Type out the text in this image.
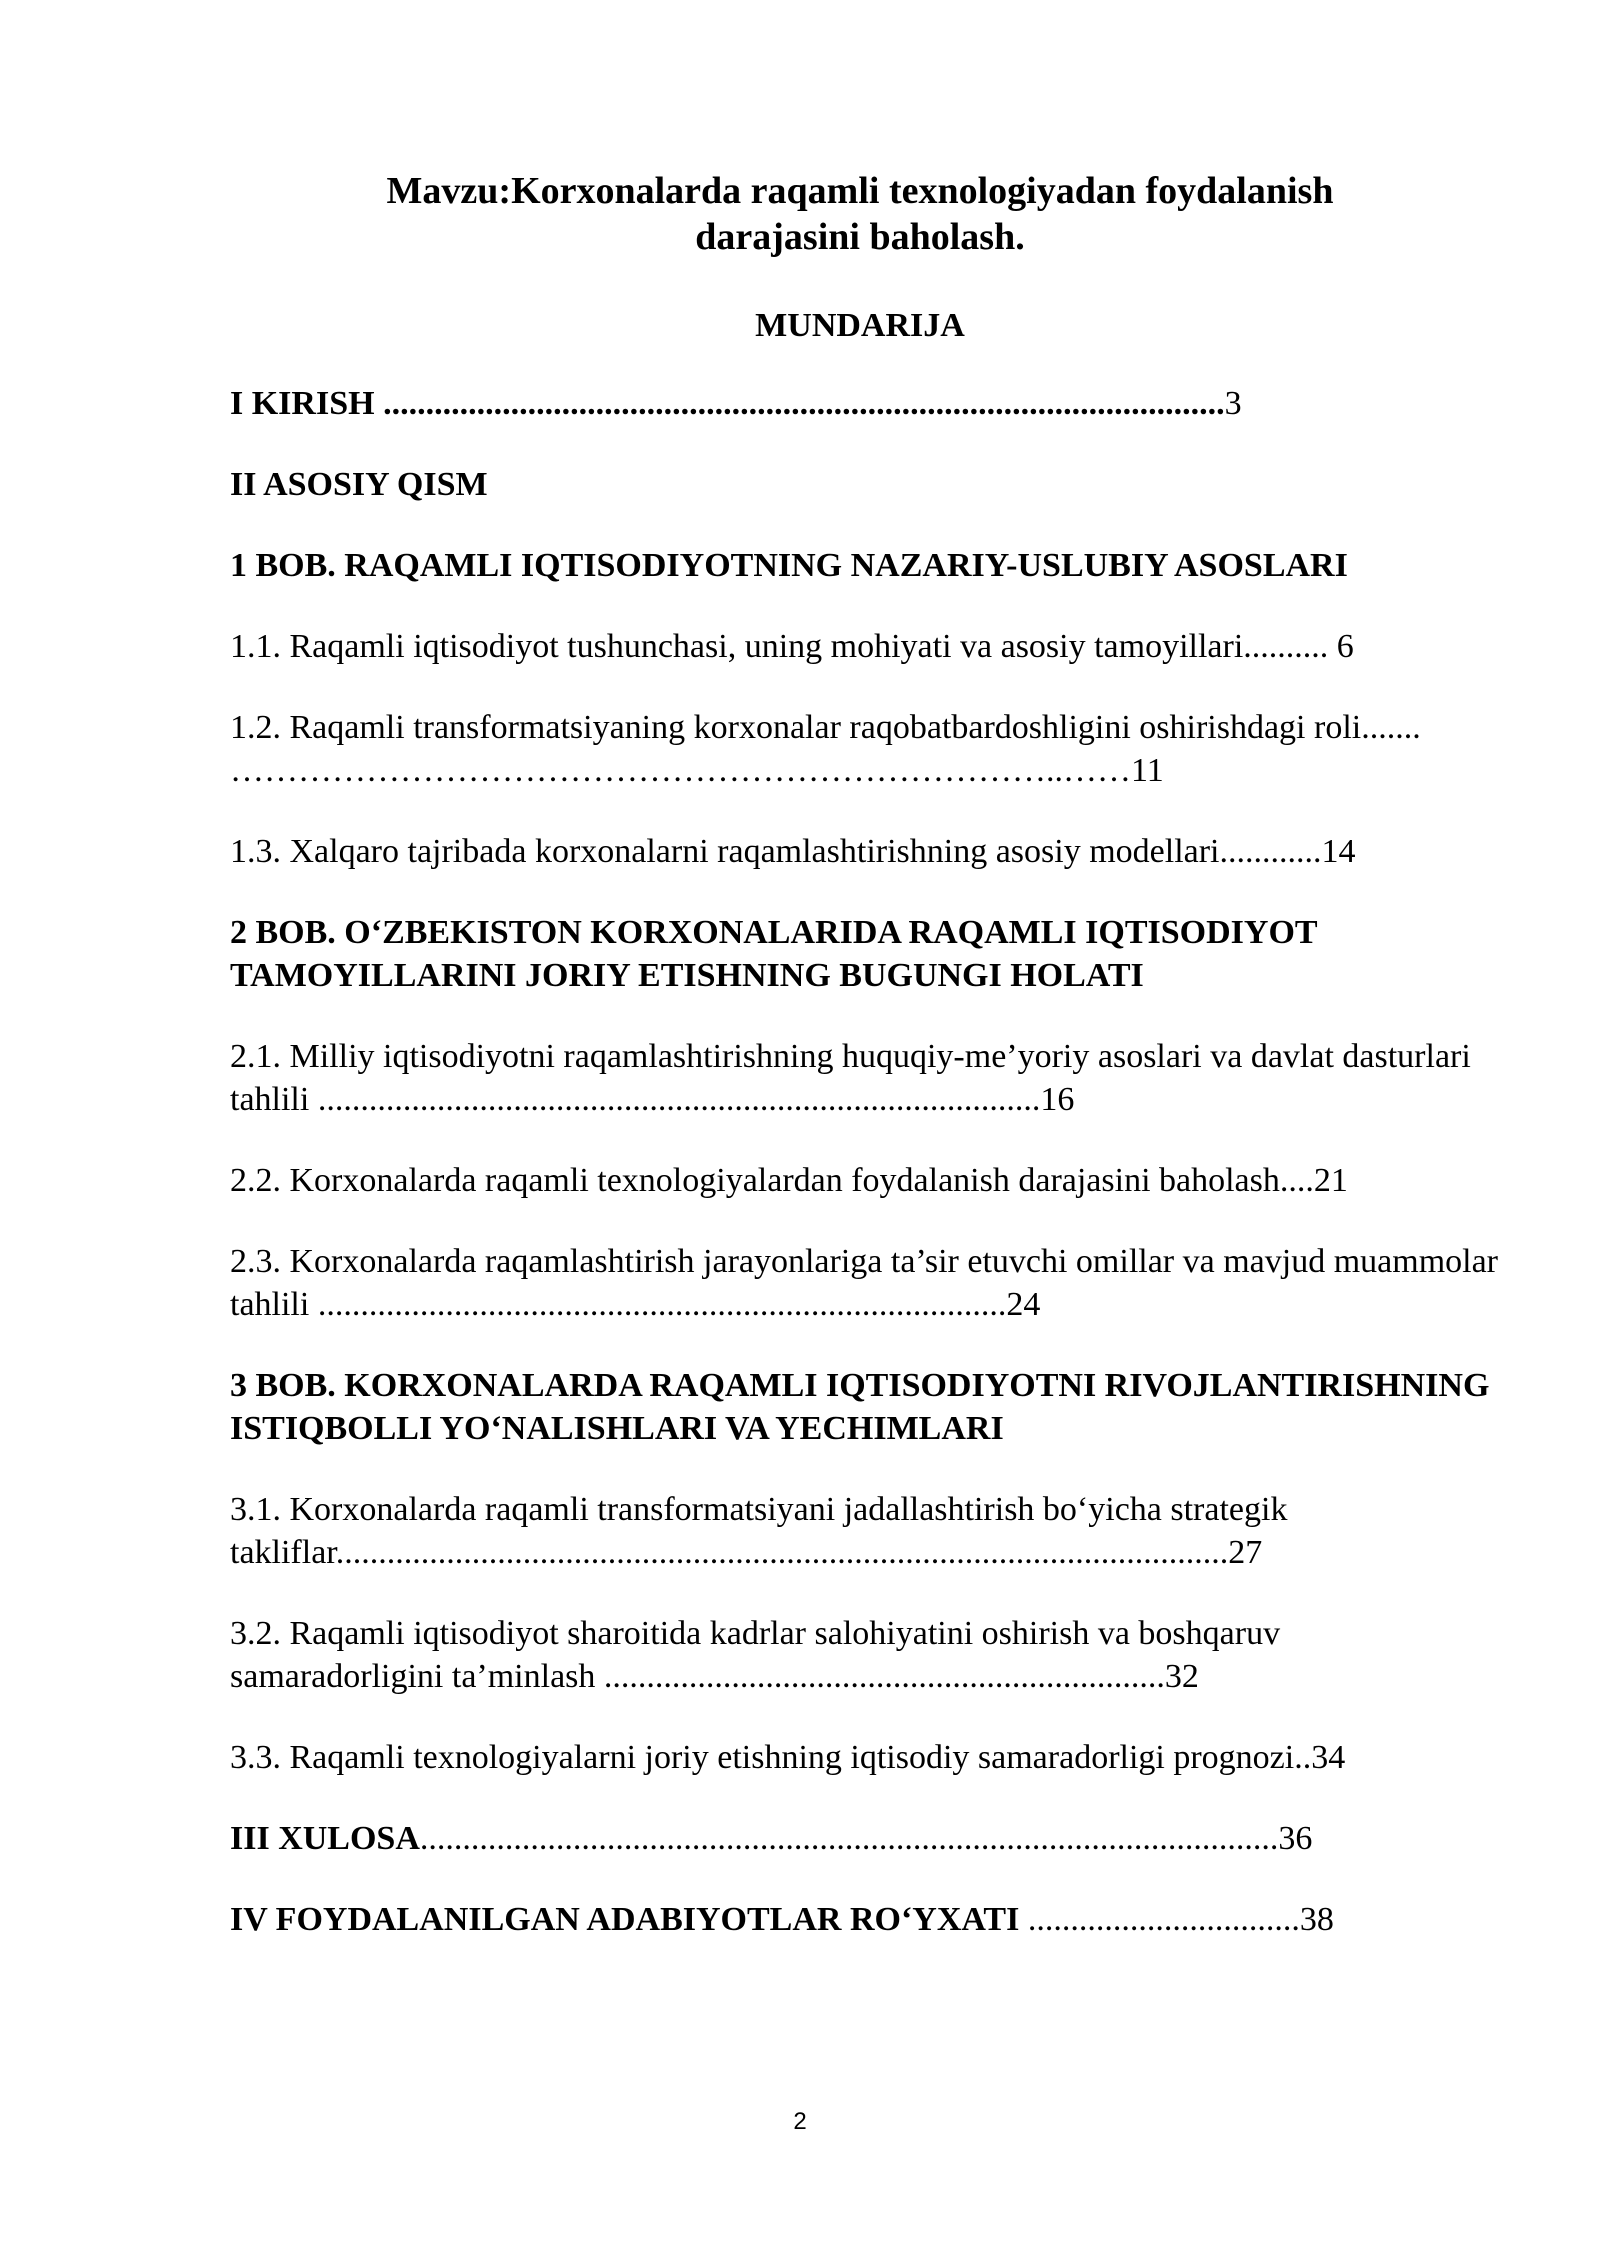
Mavzu:Korxonalarda raqamli texnologiyadan foydalanish
darajasini baholash.
MUNDARIJA
I KIRISH ...................................................................................................3
II ASOSIY QISM
1 BOB. RAQAMLI IQTISODIYOTNING NAZARIY-USLUBIY ASOSLARI
1.1. Raqamli iqtisodiyot tushunchasi, uning mohiyati va asosiy tamoyillari.......... 6
1.2. Raqamli transformatsiyaning korxonalar raqobatbardoshligini oshirishdagi roli....... ………………………………………………………………..……11
1.3. Xalqaro tajribada korxonalarni raqamlashtirishning asosiy modellari............14
2 BOB. O‘ZBEKISTON KORXONALARIDA RAQAMLI IQTISODIYOT TAMOYILLARINI JORIY ETISHNING BUGUNGI HOLATI
2.1. Milliy iqtisodiyotni raqamlashtirishning huquqiy-me’yoriy asoslari va davlat dasturlari tahlili .....................................................................................16
2.2. Korxonalarda raqamli texnologiyalardan foydalanish darajasini baholash....21
2.3. Korxonalarda raqamlashtirish jarayonlariga ta’sir etuvchi omillar va mavjud muammolar tahlili .................................................................................24
3 BOB. KORXONALARDA RAQAMLI IQTISODIYOTNI RIVOJLANTIRISHNING ISTIQBOLLI YO‘NALISHLARI VA YECHIMLARI
3.1. Korxonalarda raqamli transformatsiyani jadallashtirish bo‘yicha strategik takliflar.........................................................................................................27
3.2. Raqamli iqtisodiyot sharoitida kadrlar salohiyatini oshirish va boshqaruv samaradorligini ta’minlash ..................................................................32
3.3. Raqamli texnologiyalarni joriy etishning iqtisodiy samaradorligi prognozi..34
III XULOSA.....................................................................................................36
IV FOYDALANILGAN ADABIYOTLAR RO‘YXATI ................................38
2
